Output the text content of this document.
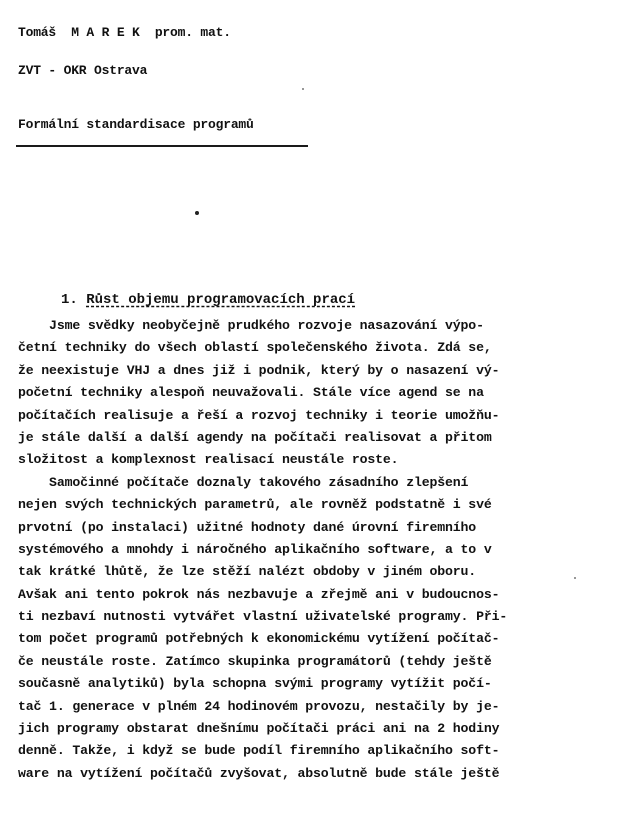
Tomáš  M A R E K  prom. mat.
ZVT - OKR Ostrava
Formální standardisace programů
1. Růst objemu programovacích prací
Jsme svědky neobyčejně prudkého rozvoje nasazování výpo-
četní techniky do všech oblastí společenského života. Zdá se,
že neexistuje VHJ a dnes již i podnik, který by o nasazení vý-
početní techniky alespoň neuvažovali. Stále více agend se na
počítačích realisuje a řeší a rozvoj techniky i teorie umožňu-
je stále další a další agendy na počítači realisovat a přitom
složitost a komplexnost realisací neustále roste.
Samočinné počítače doznaly takového zásadního zlepšení
nejen svých technických parametrů, ale rovněž podstatně i své
prvotní (po instalaci) užitné hodnoty dané úrovní firemního
systémového a mnohdy i náročného aplikačního software, a to v
tak krátké lhůtě, že lze stěží nalézt obdoby v jiném oboru.
Avšak ani tento pokrok nás nezbavuje a zřejmě ani v budoucnos-
ti nezbaví nutnosti vytvářet vlastní uživatelské programy. Při-
tom počet programů potřebných k ekonomickému vytížení počítač-
če neustále roste. Zatímco skupinka programátorů (tehdy ještě
současně analytiků) byla schopna svými programy vytížit počí-
tač 1. generace v plném 24 hodinovém provozu, nestačily by je-
jich programy obstarat dnešnímu počítači práci ani na 2 hodiny
denně. Takže, i když se bude podíl firemního aplikačního soft-
ware na vytížení počítačů zvyšovat, absolutně bude stále ještě
